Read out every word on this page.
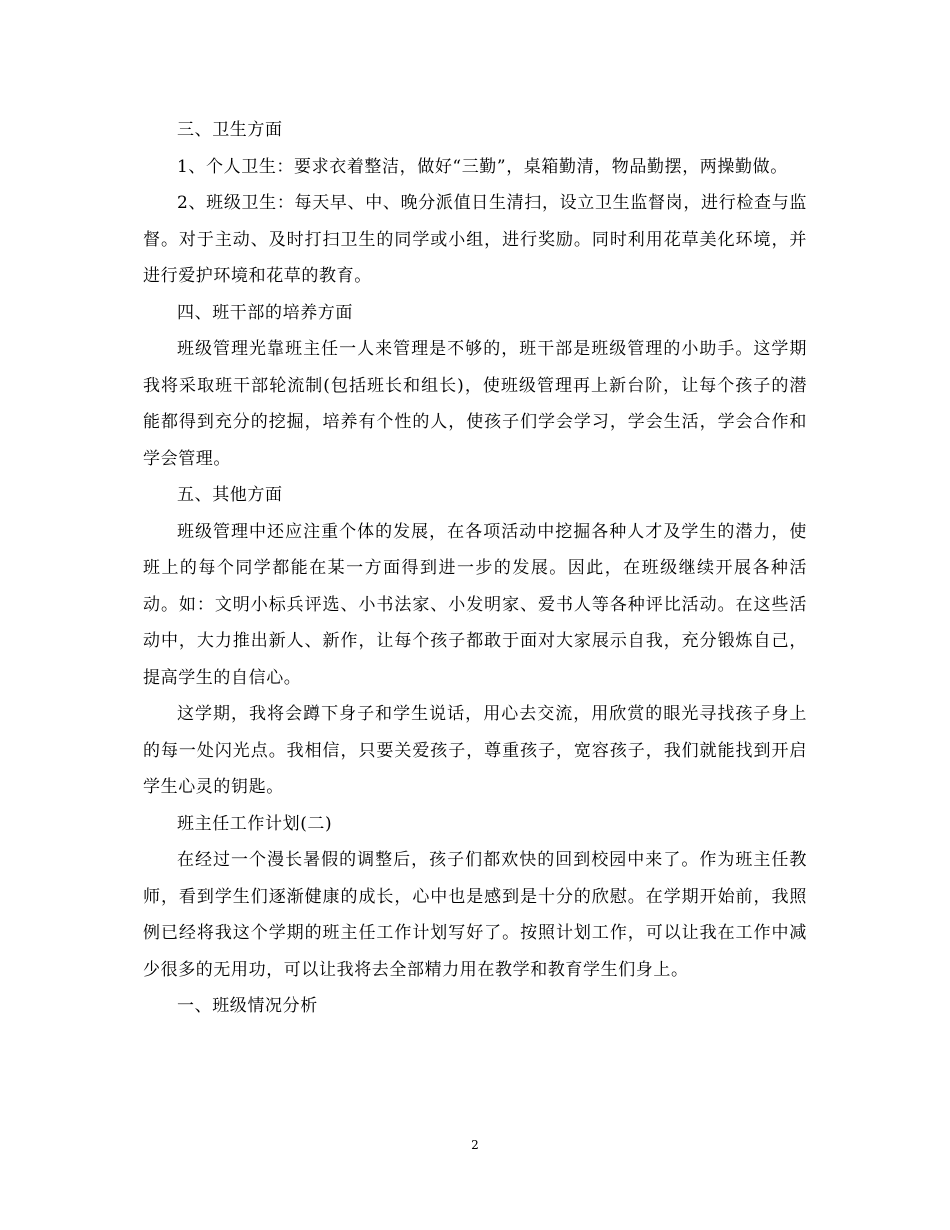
三、卫生方面

1、个人卫生：要求衣着整洁，做好“三勤”，桌箱勤清，物品勤摆，两操勤做。

2、班级卫生：每天早、中、晚分派值日生清扫，设立卫生监督岗，进行检查与监督。对于主动、及时打扫卫生的同学或小组，进行奖励。同时利用花草美化环境，并进行爱护环境和花草的教育。

四、班干部的培养方面

班级管理光靠班主任一人来管理是不够的，班干部是班级管理的小助手。这学期我将采取班干部轮流制(包括班长和组长)，使班级管理再上新台阶，让每个孩子的潜能都得到充分的挖掘，培养有个性的人，使孩子们学会学习，学会生活，学会合作和学会管理。

五、其他方面

班级管理中还应注重个体的发展，在各项活动中挖掘各种人才及学生的潜力，使班上的每个同学都能在某一方面得到进一步的发展。因此，在班级继续开展各种活动。如：文明小标兵评选、小书法家、小发明家、爱书人等各种评比活动。在这些活动中，大力推出新人、新作，让每个孩子都敢于面对大家展示自我，充分锻炼自己，提高学生的自信心。

这学期，我将会蹲下身子和学生说话，用心去交流，用欣赏的眼光寻找孩子身上的每一处闪光点。我相信，只要关爱孩子，尊重孩子，宽容孩子，我们就能找到开启学生心灵的钥匙。

班主任工作计划(二)

在经过一个漫长暑假的调整后，孩子们都欢快的回到校园中来了。作为班主任教师，看到学生们逐渐健康的成长，心中也是感到是十分的欣慰。在学期开始前，我照例已经将我这个学期的班主任工作计划写好了。按照计划工作，可以让我在工作中减少很多的无用功，可以让我将去全部精力用在教学和教育学生们身上。

一、班级情况分析

2
